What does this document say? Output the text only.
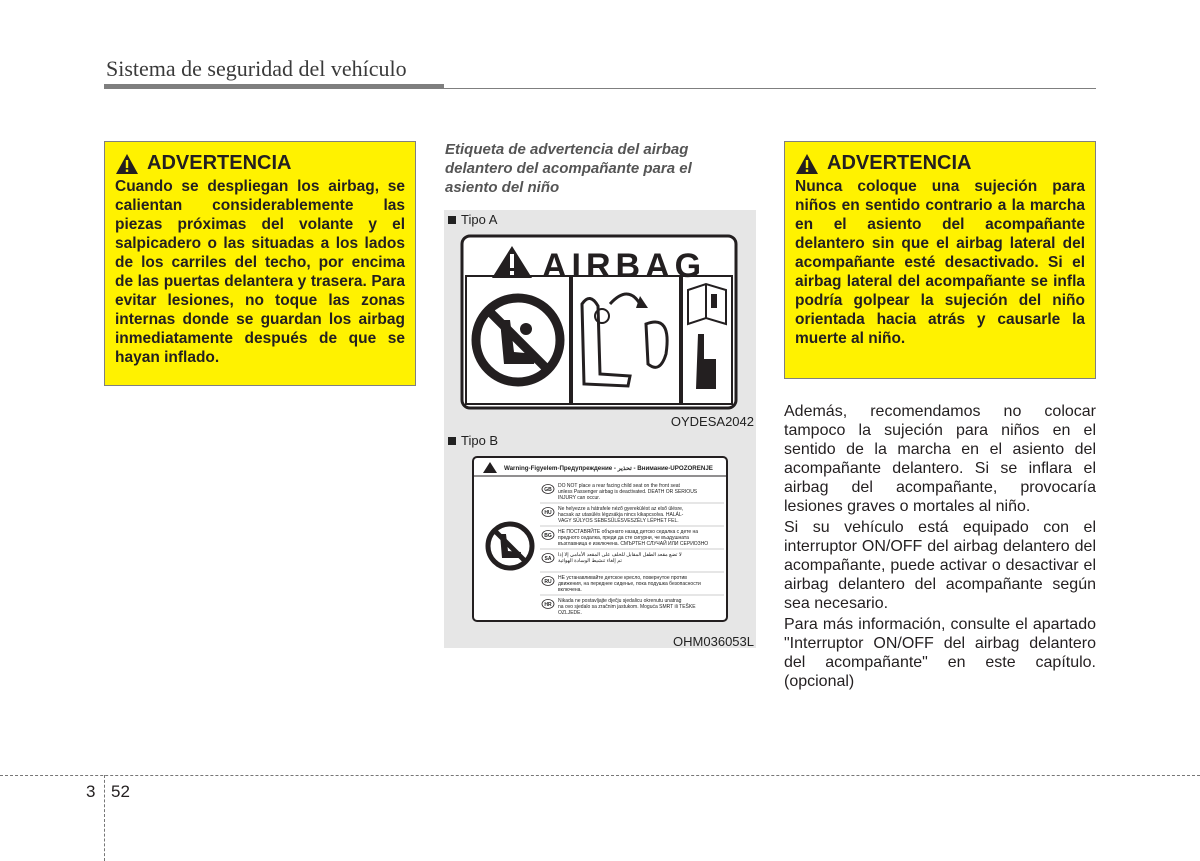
Sistema de seguridad del vehículo
ADVERTENCIA
Cuando se despliegan los airbag, se calientan considerablemente las piezas próximas del volante y el salpicadero o las situadas a los lados de los carriles del techo, por encima de las puertas delantera y trasera. Para evitar lesiones, no toque las zonas internas donde se guardan los airbag inmediatamente después de que se hayan inflado.
Etiqueta de advertencia del airbag delantero del acompañante para el asiento del niño
Tipo A
AIRBAG
OYDESA2042
Tipo B
Warning-Figyelem-Предупреждение - تحذير - Внимание-UPOZORENJE
GB
DO NOT place a rear facing child seat on the front seat
unless Passenger airbag is deactivated. DEATH OR SERIOUS
INJURY can occur.
HU
Ne helyezze a hátrafele néző gyerekülést az első ülésre,
hacsak az utasülés légzsákja nincs kikapcsolva. HALÁL-
VAGY SÚLYOS SEBESÜLÉSVESZÉLY LÉPHET FEL.
BG
НЕ ПОСТАВЯЙТЕ обърнато назад детско седалка с дете на
предното седалка, преди да сте сигурни, че въздушната
възглавница е изключена. СМЪРТЕН СЛУЧАЙ ИЛИ СЕРИОЗНО
SA
لا تضع مقعد الطفل المقابل للخلف على المقعد الأمامي إلا إذا
تم إلغاء تنشيط الوسادة الهوائية
RU
НЕ устанавливайте детское кресло, повернутое против
движения, на переднее сиденье, пока подушка безопасности
включена.
HR
Nikada ne postavljajte dječju sjedalicu okrenutu unatrag
na ovo sjedalo sa zračnim jastukom. Moguća SMRT ili TEŠKE
OZLJEDE.
OHM036053L
ADVERTENCIA
Nunca coloque una sujeción para niños en sentido contrario a la marcha en el asiento del acompañante delantero sin que el airbag lateral del acompañante esté desactivado. Si el airbag lateral del acompañante se infla podría golpear la sujeción del niño orientada hacia atrás y causarle la muerte al niño.

Además, recomendamos no colocar tampoco la sujeción para niños en el sentido de la marcha en el asiento del acompañante delantero. Si se inflara el airbag del acompañante, provocaría lesiones graves o mortales al niño.

Si su vehículo está equipado con el interruptor ON/OFF del airbag delantero del acompañante, puede activar o desactivar el airbag delantero del acompañante según sea necesario.

Para más información, consulte el apartado "Interruptor ON/OFF del airbag delantero del acompañante" en este capítulo. (opcional)

3 52
